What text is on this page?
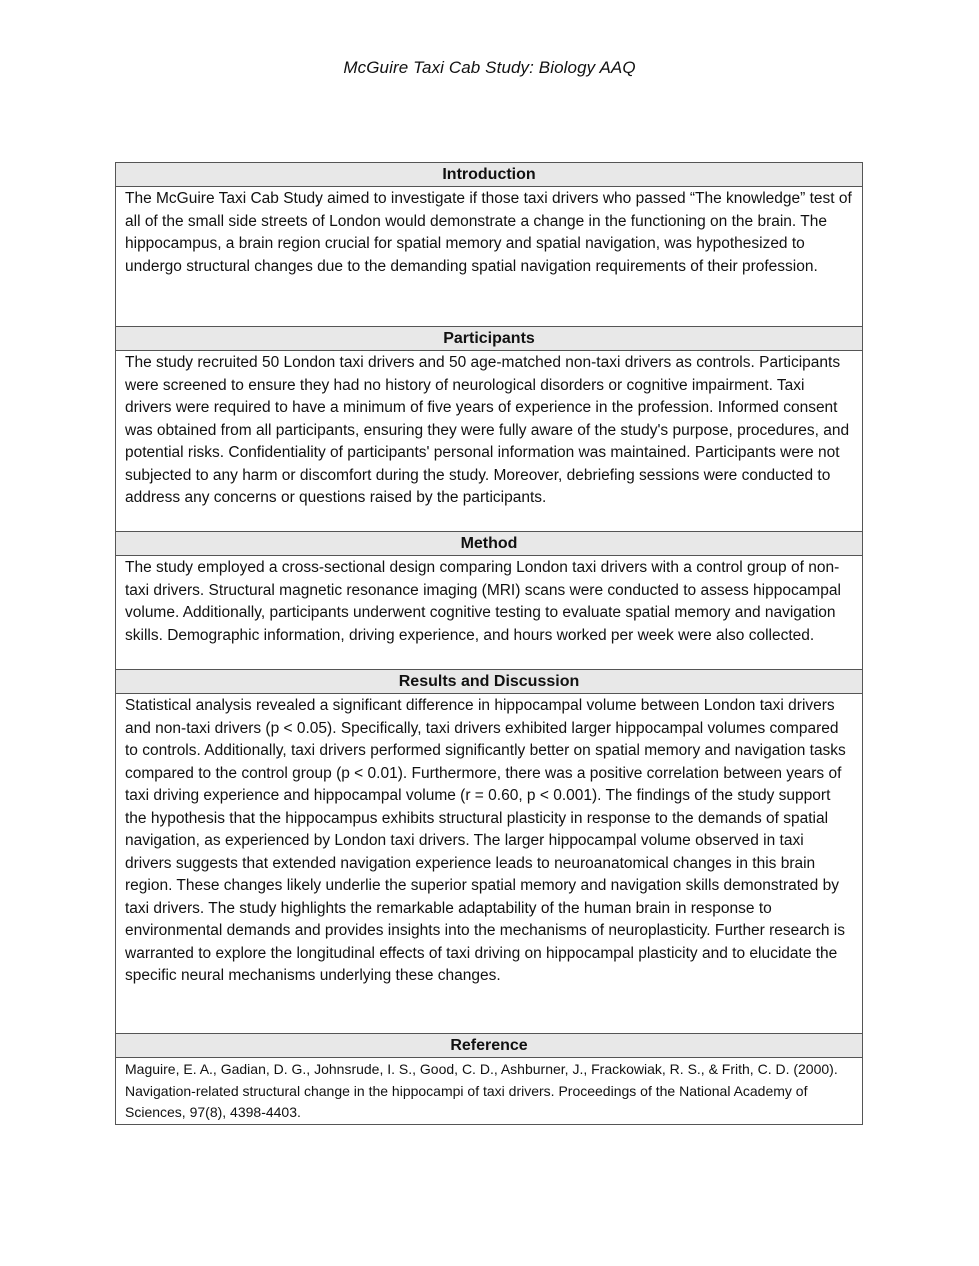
McGuire Taxi Cab Study: Biology AAQ
Introduction
The McGuire Taxi Cab Study aimed to investigate if those taxi drivers who passed “The knowledge” test of all of the small side streets of London would demonstrate a change in the functioning on the brain. The hippocampus, a brain region crucial for spatial memory and spatial navigation, was hypothesized to undergo structural changes due to the demanding spatial navigation requirements of their profession.
Participants
The study recruited 50 London taxi drivers and 50 age-matched non-taxi drivers as controls. Participants were screened to ensure they had no history of neurological disorders or cognitive impairment. Taxi drivers were required to have a minimum of five years of experience in the profession. Informed consent was obtained from all participants, ensuring they were fully aware of the study's purpose, procedures, and potential risks. Confidentiality of participants' personal information was maintained. Participants were not subjected to any harm or discomfort during the study. Moreover, debriefing sessions were conducted to address any concerns or questions raised by the participants.
Method
The study employed a cross-sectional design comparing London taxi drivers with a control group of non-taxi drivers. Structural magnetic resonance imaging (MRI) scans were conducted to assess hippocampal volume. Additionally, participants underwent cognitive testing to evaluate spatial memory and navigation skills. Demographic information, driving experience, and hours worked per week were also collected.
Results and Discussion
Statistical analysis revealed a significant difference in hippocampal volume between London taxi drivers and non-taxi drivers (p < 0.05). Specifically, taxi drivers exhibited larger hippocampal volumes compared to controls. Additionally, taxi drivers performed significantly better on spatial memory and navigation tasks compared to the control group (p < 0.01). Furthermore, there was a positive correlation between years of taxi driving experience and hippocampal volume (r = 0.60, p < 0.001). The findings of the study support the hypothesis that the hippocampus exhibits structural plasticity in response to the demands of spatial navigation, as experienced by London taxi drivers. The larger hippocampal volume observed in taxi drivers suggests that extended navigation experience leads to neuroanatomical changes in this brain region. These changes likely underlie the superior spatial memory and navigation skills demonstrated by taxi drivers. The study highlights the remarkable adaptability of the human brain in response to environmental demands and provides insights into the mechanisms of neuroplasticity. Further research is warranted to explore the longitudinal effects of taxi driving on hippocampal plasticity and to elucidate the specific neural mechanisms underlying these changes.
Reference
Maguire, E. A., Gadian, D. G., Johnsrude, I. S., Good, C. D., Ashburner, J., Frackowiak, R. S., & Frith, C. D. (2000). Navigation-related structural change in the hippocampi of taxi drivers. Proceedings of the National Academy of Sciences, 97(8), 4398-4403.
